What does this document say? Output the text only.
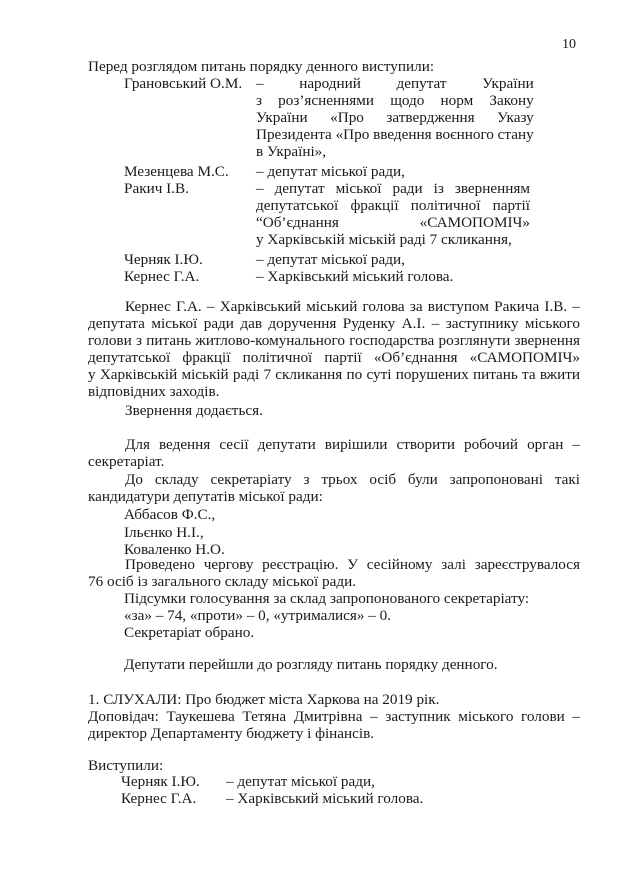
10
Перед розглядом питань порядку денного виступили:
Грановський О.М. – народний депутат України
з роз’ясненнями щодо норм Закону
України «Про затвердження Указу
Президента «Про введення воєнного стану
в Україні»,
Мезенцева М.С.	– депутат міської ради,
Ракич І.В.	– депутат міської ради із зверненням
депутатської фракції політичної партії
“Об’єднання «САМОПОМІЧ»
у Харківській міській раді 7 скликання,
Черняк І.Ю.	– депутат міської ради,
Кернес Г.А.	– Харківський міський голова.
Кернес Г.А. – Харківський міський голова за виступом Ракича І.В. –
депутата міської ради дав доручення Руденку А.І. – заступнику міського
голови з питань житлово-комунального господарства розглянути звернення
депутатської фракції політичної партії «Об’єднання «САМОПОМІЧ»
у Харківській міській раді 7 скликання по суті порушених питань та вжити
відповідних заходів.
Звернення додається.
Для ведення сесії депутати вирішили створити робочий орган –
секретаріат.
До складу секретаріату з трьох осіб були запропоновані такі
кандидатури депутатів міської ради:
Аббасов Ф.С.,
Ільєнко Н.І.,
Коваленко Н.О.
Проведено чергову реєстрацію. У сесійному залі зареєструвалося
76 осіб із загального складу міської ради.
Підсумки голосування за склад запропонованого секретаріату:
«за» – 74, «проти» – 0, «утрималися» – 0.
Секретаріат обрано.
Депутати перейшли до розгляду питань порядку денного.
1. СЛУХАЛИ: Про бюджет міста Харкова на 2019 рік.
Доповідач: Таукешева Тетяна Дмитрівна – заступник міського голови –
директор Департаменту бюджету і фінансів.
Виступили:
Черняк І.Ю.	– депутат міської ради,
Кернес Г.А.	– Харківський міський голова.
